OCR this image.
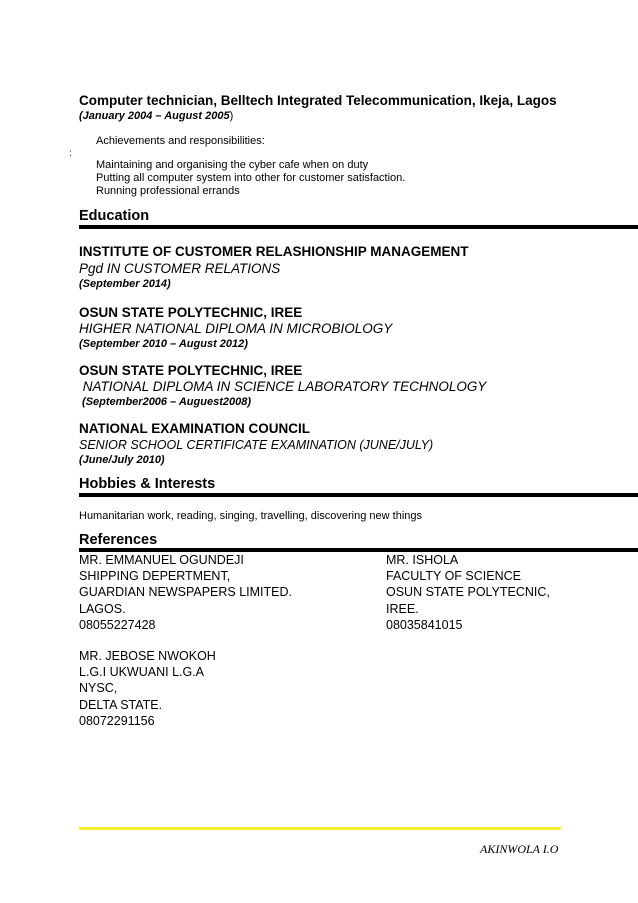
Computer technician, Belltech Integrated Telecommunication, Ikeja, Lagos
(January 2004 – August 2005)
Achievements and responsibilities:
:
Maintaining and organising the cyber cafe when on duty
Putting all computer system into other for customer satisfaction.
Running professional errands
Education
INSTITUTE OF CUSTOMER RELASHIONSHIP MANAGEMENT
Pgd IN CUSTOMER RELATIONS
(September 2014)
OSUN STATE POLYTECHNIC, IREE
HIGHER NATIONAL DIPLOMA IN MICROBIOLOGY
(September 2010 – August 2012)
OSUN STATE POLYTECHNIC, IREE
NATIONAL DIPLOMA IN SCIENCE LABORATORY TECHNOLOGY
(September2006 – Auguest2008)
NATIONAL EXAMINATION COUNCIL
SENIOR SCHOOL CERTIFICATE EXAMINATION (JUNE/JULY)
(June/July 2010)
Hobbies & Interests
Humanitarian work, reading, singing, travelling, discovering new things
References
MR. EMMANUEL OGUNDEJI
SHIPPING DEPERTMENT,
GUARDIAN NEWSPAPERS LIMITED.
LAGOS.
08055227428
MR. ISHOLA
FACULTY OF SCIENCE
OSUN STATE POLYTECNIC,
IREE.
08035841015
MR. JEBOSE NWOKOH
L.G.I UKWUANI L.G.A
NYSC,
DELTA STATE.
08072291156
AKINWOLA I.O
